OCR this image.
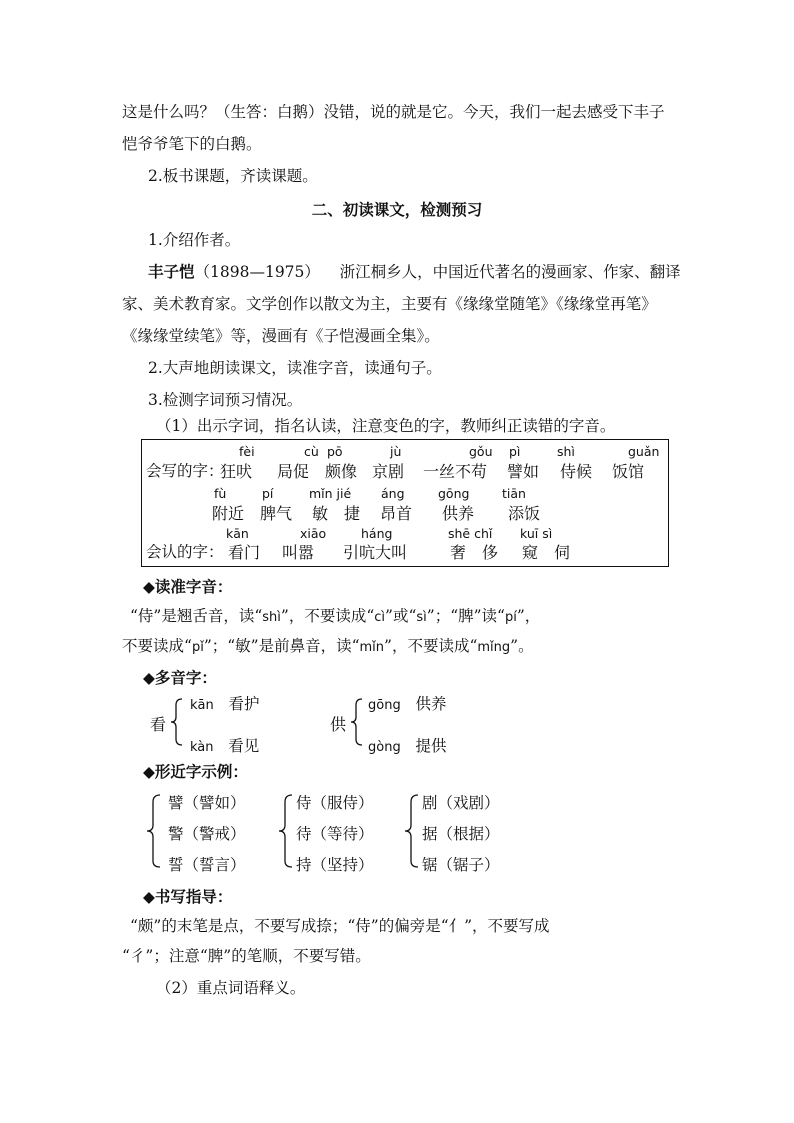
这是什么吗？（生答：白鹅）没错，说的就是它。今天，我们一起去感受下丰子
恺爷爷笔下的白鹅。
2.板书课题，齐读课题。
二、初读课文，检测预习
1.介绍作者。
丰子恺（1898—1975） 浙江桐乡人，中国近代著名的漫画家、作家、翻译
家、美术教育家。文学创作以散文为主，主要有《缘缘堂随笔》《缘缘堂再笔》
《缘缘堂续笔》等，漫画有《子恺漫画全集》。
2.大声地朗读课文，读准字音，读通句子。
3.检测字词预习情况。
（1）出示字词，指名认读，注意变色的字，教师纠正读错的字音。
会写的字：
会认的字：
fèi
狂吠
cù
局促
pō
颇像
jù
京剧
gǒu
一丝不苟
pì
譬如
shì
侍候
guǎn
饭馆
fù
附近
pí
脾气
mǐn jié
敏　捷
áng
昂首
gōng
供养
tiān
添饭
kān
看门
xiāo
叫嚣
háng
引吭大叫
shē chǐ
奢　侈
kuī sì
窥　伺
◆读准字音：
“侍”是翘舌音，读“shì”，不要读成“cì”或“sì”；“脾”读“pí”，
不要读成“pǐ”；“敏”是前鼻音，读“mǐn”，不要读成“mǐng”。
◆多音字：
看
kān 看护
kàn 看见
供
gōng 供养
gòng 提供
◆形近字示例：
譬（譬如）
警（警戒）
誓（誓言）
侍（服侍）
待（等待）
持（坚持）
剧（戏剧）
据（根据）
锯（锯子）
◆书写指导：
“颇”的末笔是点，不要写成捺；“侍”的偏旁是“亻”，不要写成
“彳”；注意“脾”的笔顺，不要写错。
（2）重点词语释义。
